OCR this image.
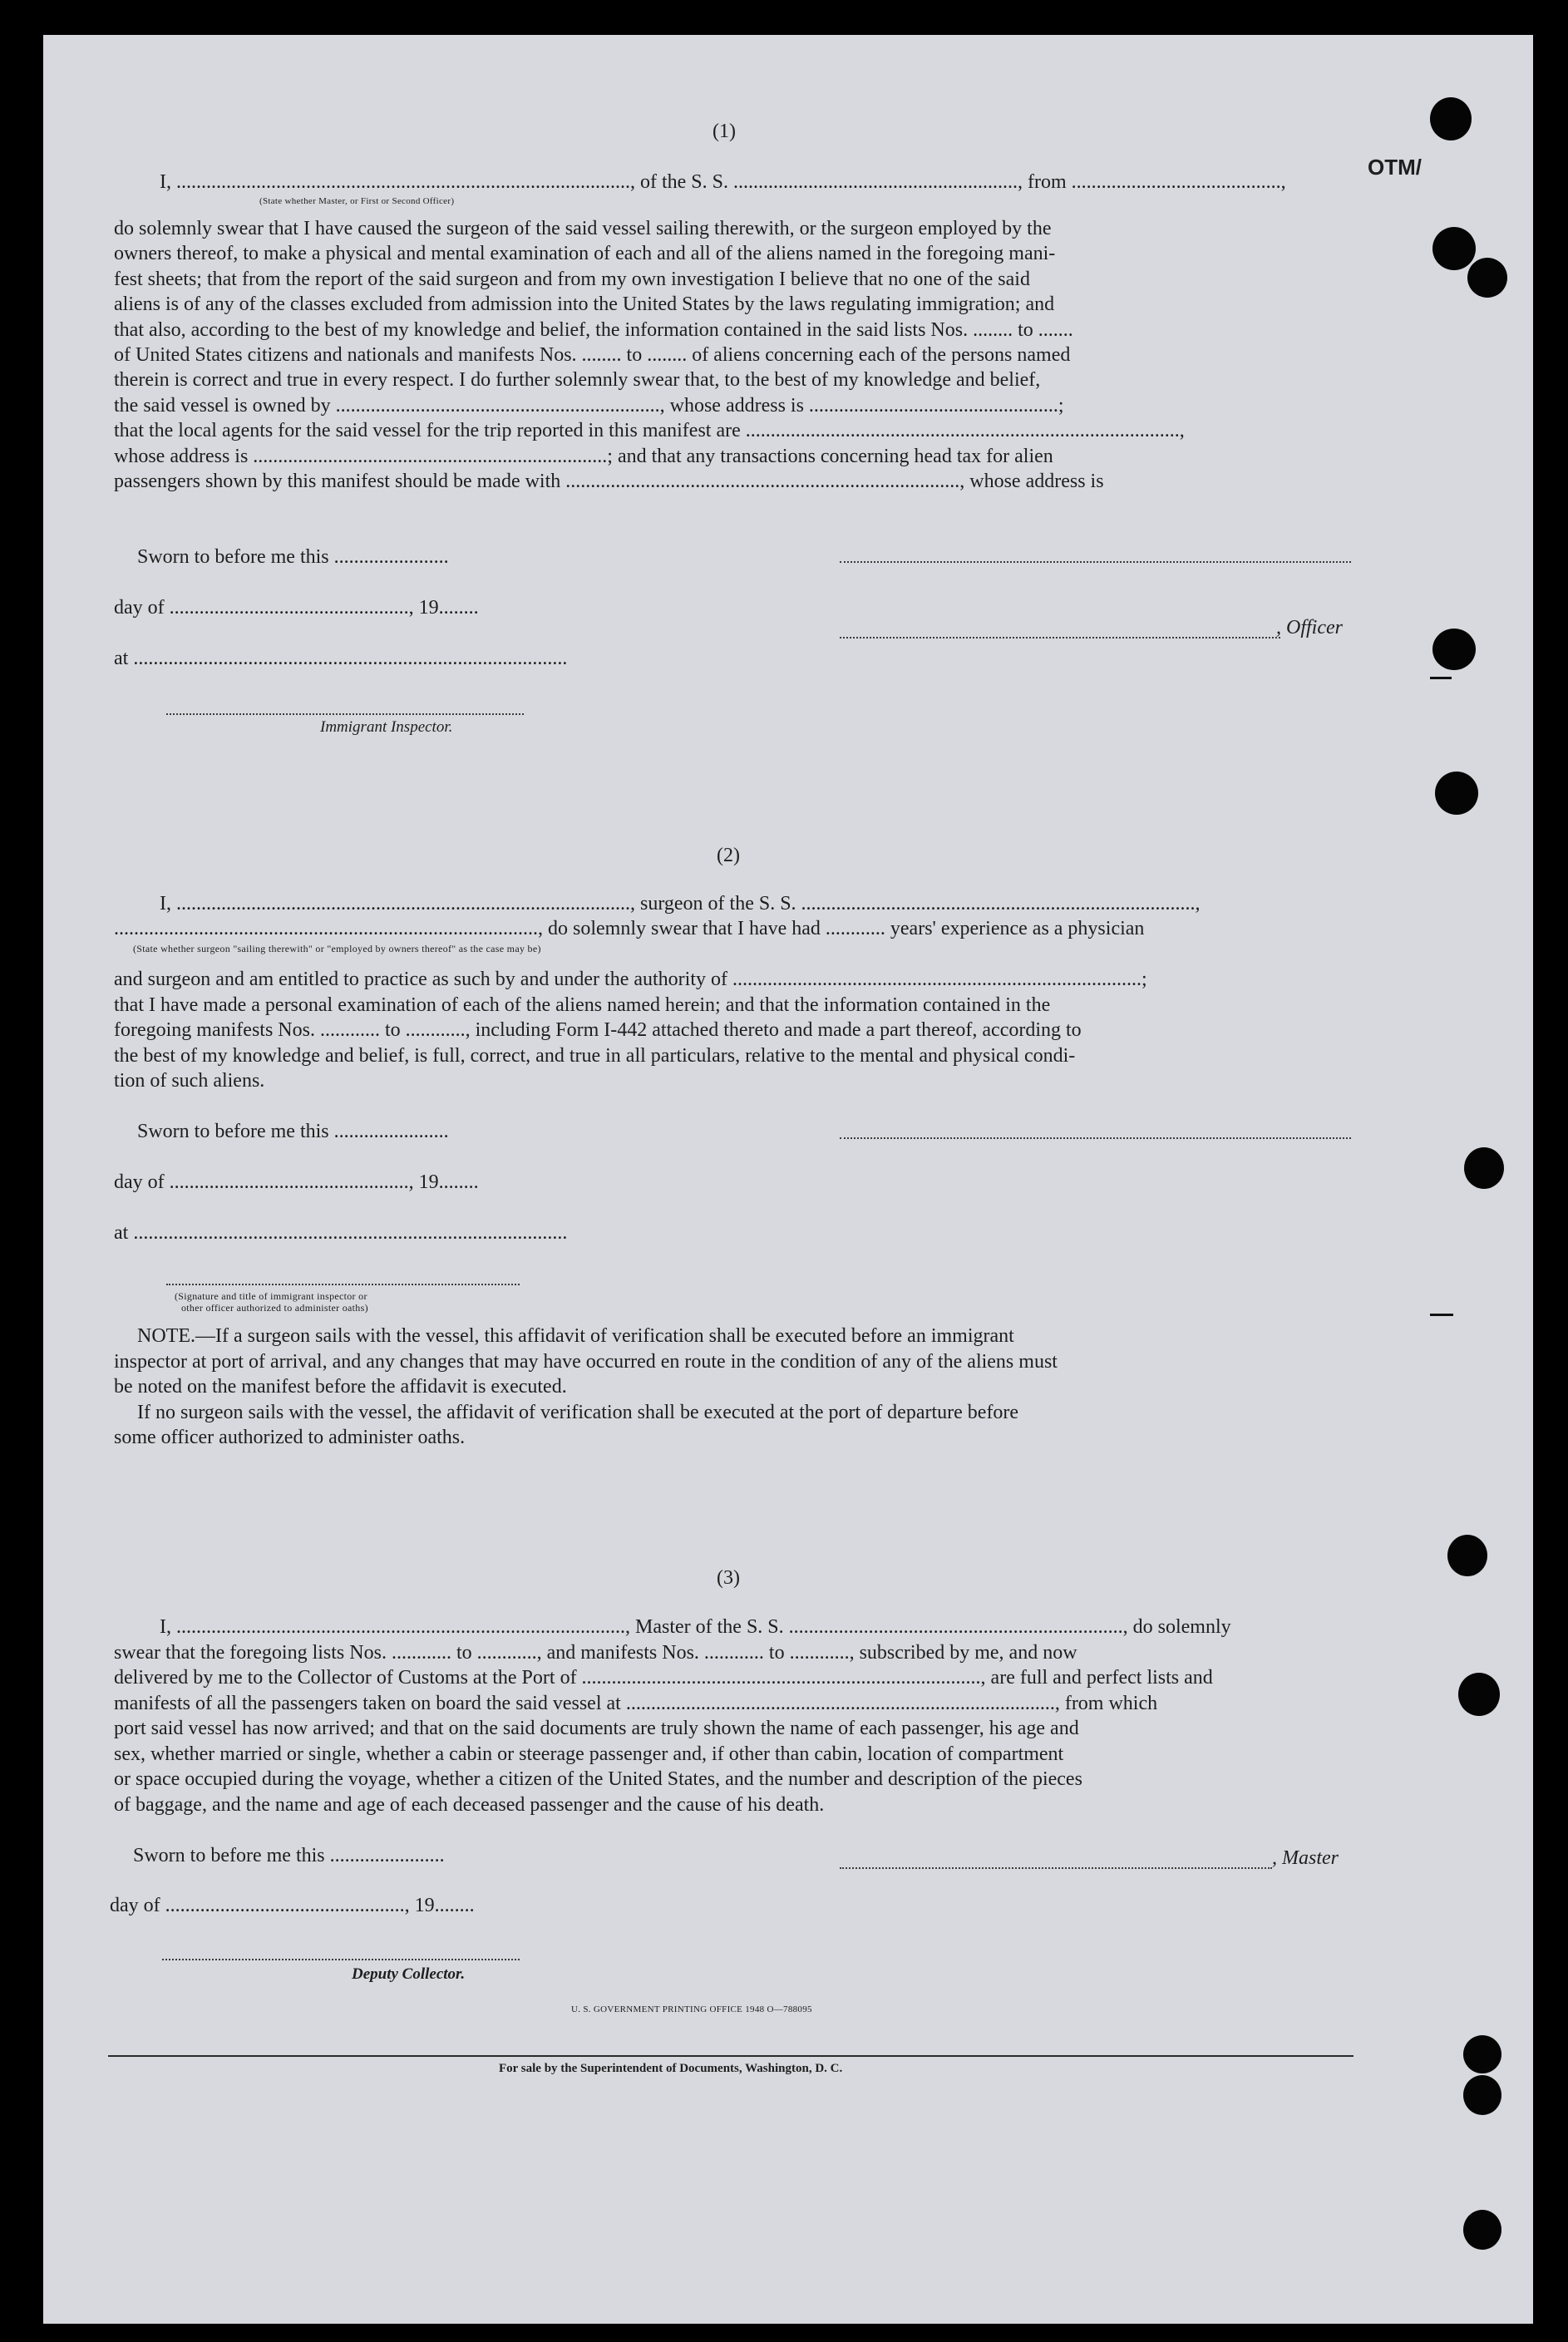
OTM/
(1)
I, ..........................................................................................., of the S. S. ........................................................., from ..........................................,
(State whether Master, or First or Second Officer)
do solemnly swear that I have caused the surgeon of the said vessel sailing therewith, or the surgeon employed by the
owners thereof, to make a physical and mental examination of each and all of the aliens named in the foregoing mani-
fest sheets; that from the report of the said surgeon and from my own investigation I believe that no one of the said
aliens is of any of the classes excluded from admission into the United States by the laws regulating immigration; and
that also, according to the best of my knowledge and belief, the information contained in the said lists Nos. ........ to .......
of United States citizens and nationals and manifests Nos. ........ to ........ of aliens concerning each of the persons named
therein is correct and true in every respect. I do further solemnly swear that, to the best of my knowledge and belief,
the said vessel is owned by ................................................................., whose address is ..................................................;
that the local agents for the said vessel for the trip reported in this manifest are .......................................................................................,
whose address is .......................................................................; and that any transactions concerning head tax for alien
passengers shown by this manifest should be made with ..............................................................................., whose address is
Sworn to before me this .......................
day of ................................................, 19........
, Officer
at .......................................................................................
Immigrant Inspector.
(2)
I, ..........................................................................................., surgeon of the S. S. ...............................................................................,
....................................................................................., do solemnly swear that I have had ............ years' experience as a physician
(State whether surgeon "sailing therewith" or "employed by owners thereof" as the case may be)
and surgeon and am entitled to practice as such by and under the authority of ..................................................................................;
that I have made a personal examination of each of the aliens named herein; and that the information contained in the
foregoing manifests Nos. ............ to ............, including Form I-442 attached thereto and made a part thereof, according to
the best of my knowledge and belief, is full, correct, and true in all particulars, relative to the mental and physical condi-
tion of such aliens.
Sworn to before me this .......................
day of ................................................, 19........
at .......................................................................................
(Signature and title of immigrant inspector or
other officer authorized to administer oaths)
NOTE.—If a surgeon sails with the vessel, this affidavit of verification shall be executed before an immigrant
inspector at port of arrival, and any changes that may have occurred en route in the condition of any of the aliens must
be noted on the manifest before the affidavit is executed.
If no surgeon sails with the vessel, the affidavit of verification shall be executed at the port of departure before
some officer authorized to administer oaths.
(3)
I, .........................................................................................., Master of the S. S. ..................................................................., do solemnly
swear that the foregoing lists Nos. ............ to ............, and manifests Nos. ............ to ............, subscribed by me, and now
delivered by me to the Collector of Customs at the Port of ................................................................................, are full and perfect lists and
manifests of all the passengers taken on board the said vessel at ......................................................................................, from which
port said vessel has now arrived; and that on the said documents are truly shown the name of each passenger, his age and
sex, whether married or single, whether a cabin or steerage passenger and, if other than cabin, location of compartment
or space occupied during the voyage, whether a citizen of the United States, and the number and description of the pieces
of baggage, and the name and age of each deceased passenger and the cause of his death.
Sworn to before me this .......................	, Master
day of ................................................, 19........
Deputy Collector.
U. S. GOVERNMENT PRINTING OFFICE 1948 O—788095
For sale by the Superintendent of Documents, Washington, D. C.
